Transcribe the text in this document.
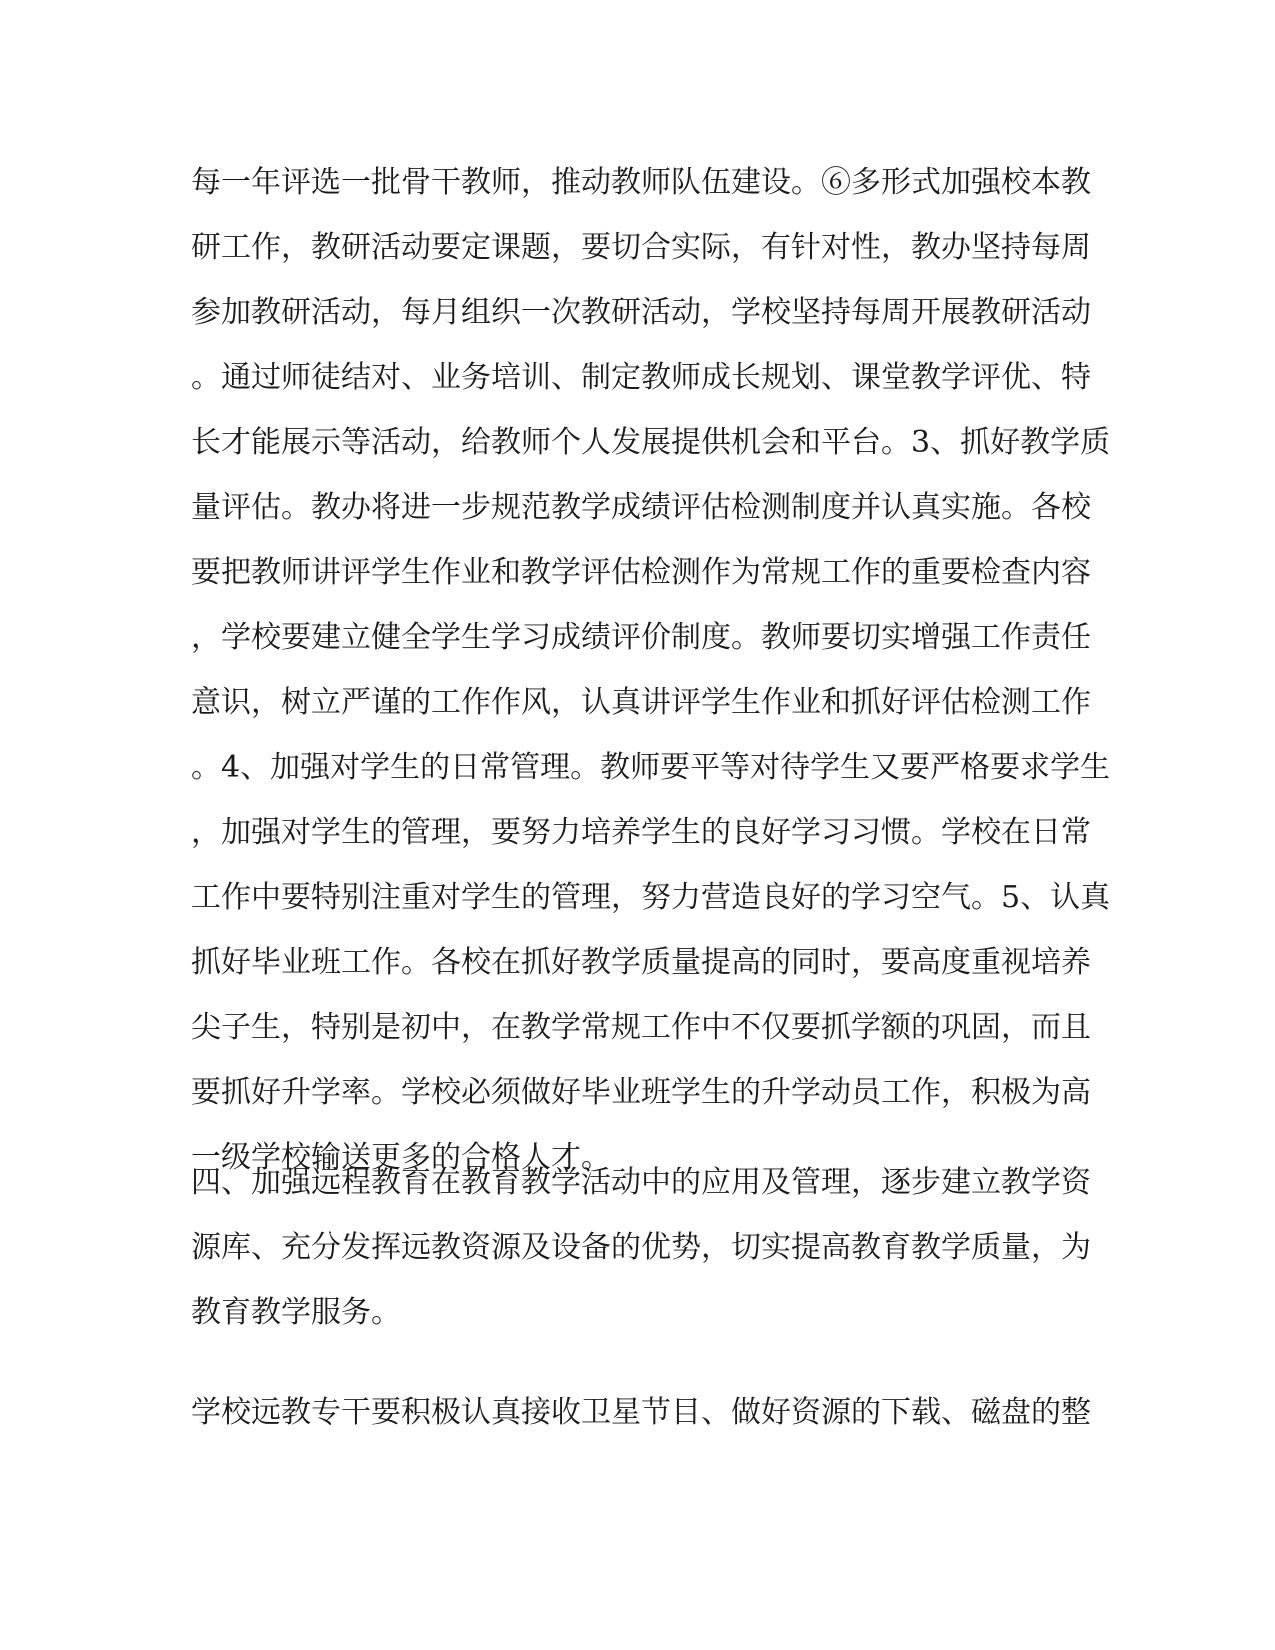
每一年评选一批骨干教师，推动教师队伍建设。⑥多形式加强校本教
研工作，教研活动要定课题，要切合实际，有针对性，教办坚持每周
参加教研活动，每月组织一次教研活动，学校坚持每周开展教研活动
。通过师徒结对、业务培训、制定教师成长规划、课堂教学评优、特
长才能展示等活动，给教师个人发展提供机会和平台。3、抓好教学质
量评估。教办将进一步规范教学成绩评估检测制度并认真实施。各校
要把教师讲评学生作业和教学评估检测作为常规工作的重要检查内容
，学校要建立健全学生学习成绩评价制度。教师要切实增强工作责任
意识，树立严谨的工作作风，认真讲评学生作业和抓好评估检测工作
。4、加强对学生的日常管理。教师要平等对待学生又要严格要求学生
，加强对学生的管理，要努力培养学生的良好学习习惯。学校在日常
工作中要特别注重对学生的管理，努力营造良好的学习空气。5、认真
抓好毕业班工作。各校在抓好教学质量提高的同时，要高度重视培养
尖子生，特别是初中，在教学常规工作中不仅要抓学额的巩固，而且
要抓好升学率。学校必须做好毕业班学生的升学动员工作，积极为高
一级学校输送更多的合格人才。
四、加强远程教育在教育教学活动中的应用及管理，逐步建立教学资
源库、充分发挥远教资源及设备的优势，切实提高教育教学质量，为
教育教学服务。
学校远教专干要积极认真接收卫星节目、做好资源的下载、磁盘的整
